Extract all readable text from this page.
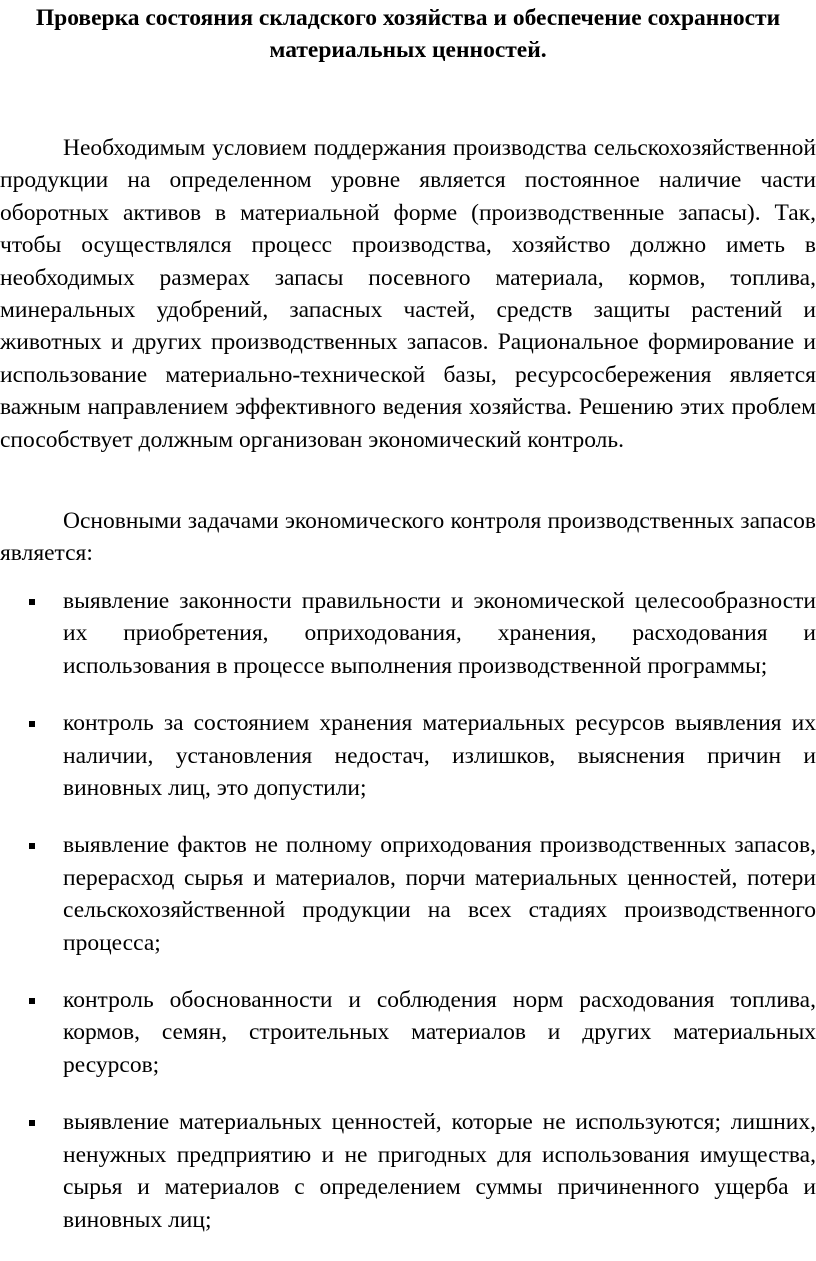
Проверка состояния складского хозяйства и обеспечение сохранности материальных ценностей.

Необходимым условием поддержания производства сельскохозяйственной продукции на определенном уровне является постоянное наличие части оборотных активов в материальной форме (производственные запасы). Так, чтобы осуществлялся процесс производства, хозяйство должно иметь в необходимых размерах запасы посевного материала, кормов, топлива, минеральных удобрений, запасных частей, средств защиты растений и животных и других производственных запасов. Рациональное формирование и использование материально-технической базы, ресурсосбережения является важным направлением эффективного ведения хозяйства. Решению этих проблем способствует должным организован экономический контроль.

Основными задачами экономического контроля производственных запасов является:

выявление законности правильности и экономической целесообразности их приобретения, оприходования, хранения, расходования и использования в процессе выполнения производственной программы;
контроль за состоянием хранения материальных ресурсов выявления их наличии, установления недостач, излишков, выяснения причин и виновных лиц, это допустили;
выявление фактов не полному оприходования производственных запасов, перерасход сырья и материалов, порчи материальных ценностей, потери сельскохозяйственной продукции на всех стадиях производственного процесса;
контроль обоснованности и соблюдения норм расходования топлива, кормов, семян, строительных материалов и других материальных ресурсов;
выявление материальных ценностей, которые не используются; лишних, ненужных предприятию и не пригодных для использования имущества, сырья и материалов с определением суммы причиненного ущерба и виновных лиц;
